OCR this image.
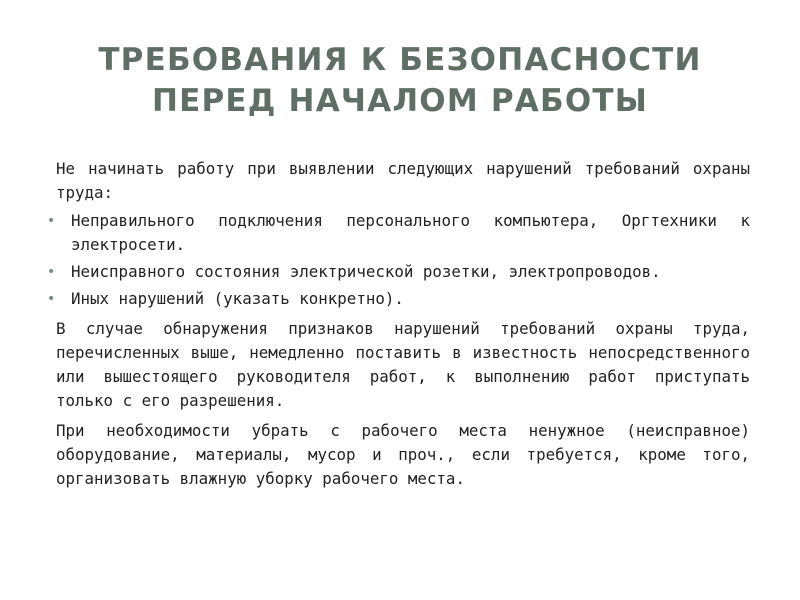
ТРЕБОВАНИЯ К БЕЗОПАСНОСТИ
ПЕРЕД НАЧАЛОМ РАБОТЫ

Не начинать работу при выявлении следующих нарушений требований охраны труда:

• Неправильного подключения персонального компьютера, Оргтехники к электросети.
• Неисправного состояния электрической розетки, электропроводов.
• Иных нарушений (указать конкретно).

В случае обнаружения признаков нарушений требований охраны труда, перечисленных выше, немедленно поставить в известность непосредственного или вышестоящего руководителя работ, к выполнению работ приступать только с его разрешения.

При необходимости убрать с рабочего места ненужное (неисправное) оборудование, материалы, мусор и проч., если требуется, кроме того, организовать влажную уборку рабочего места.
